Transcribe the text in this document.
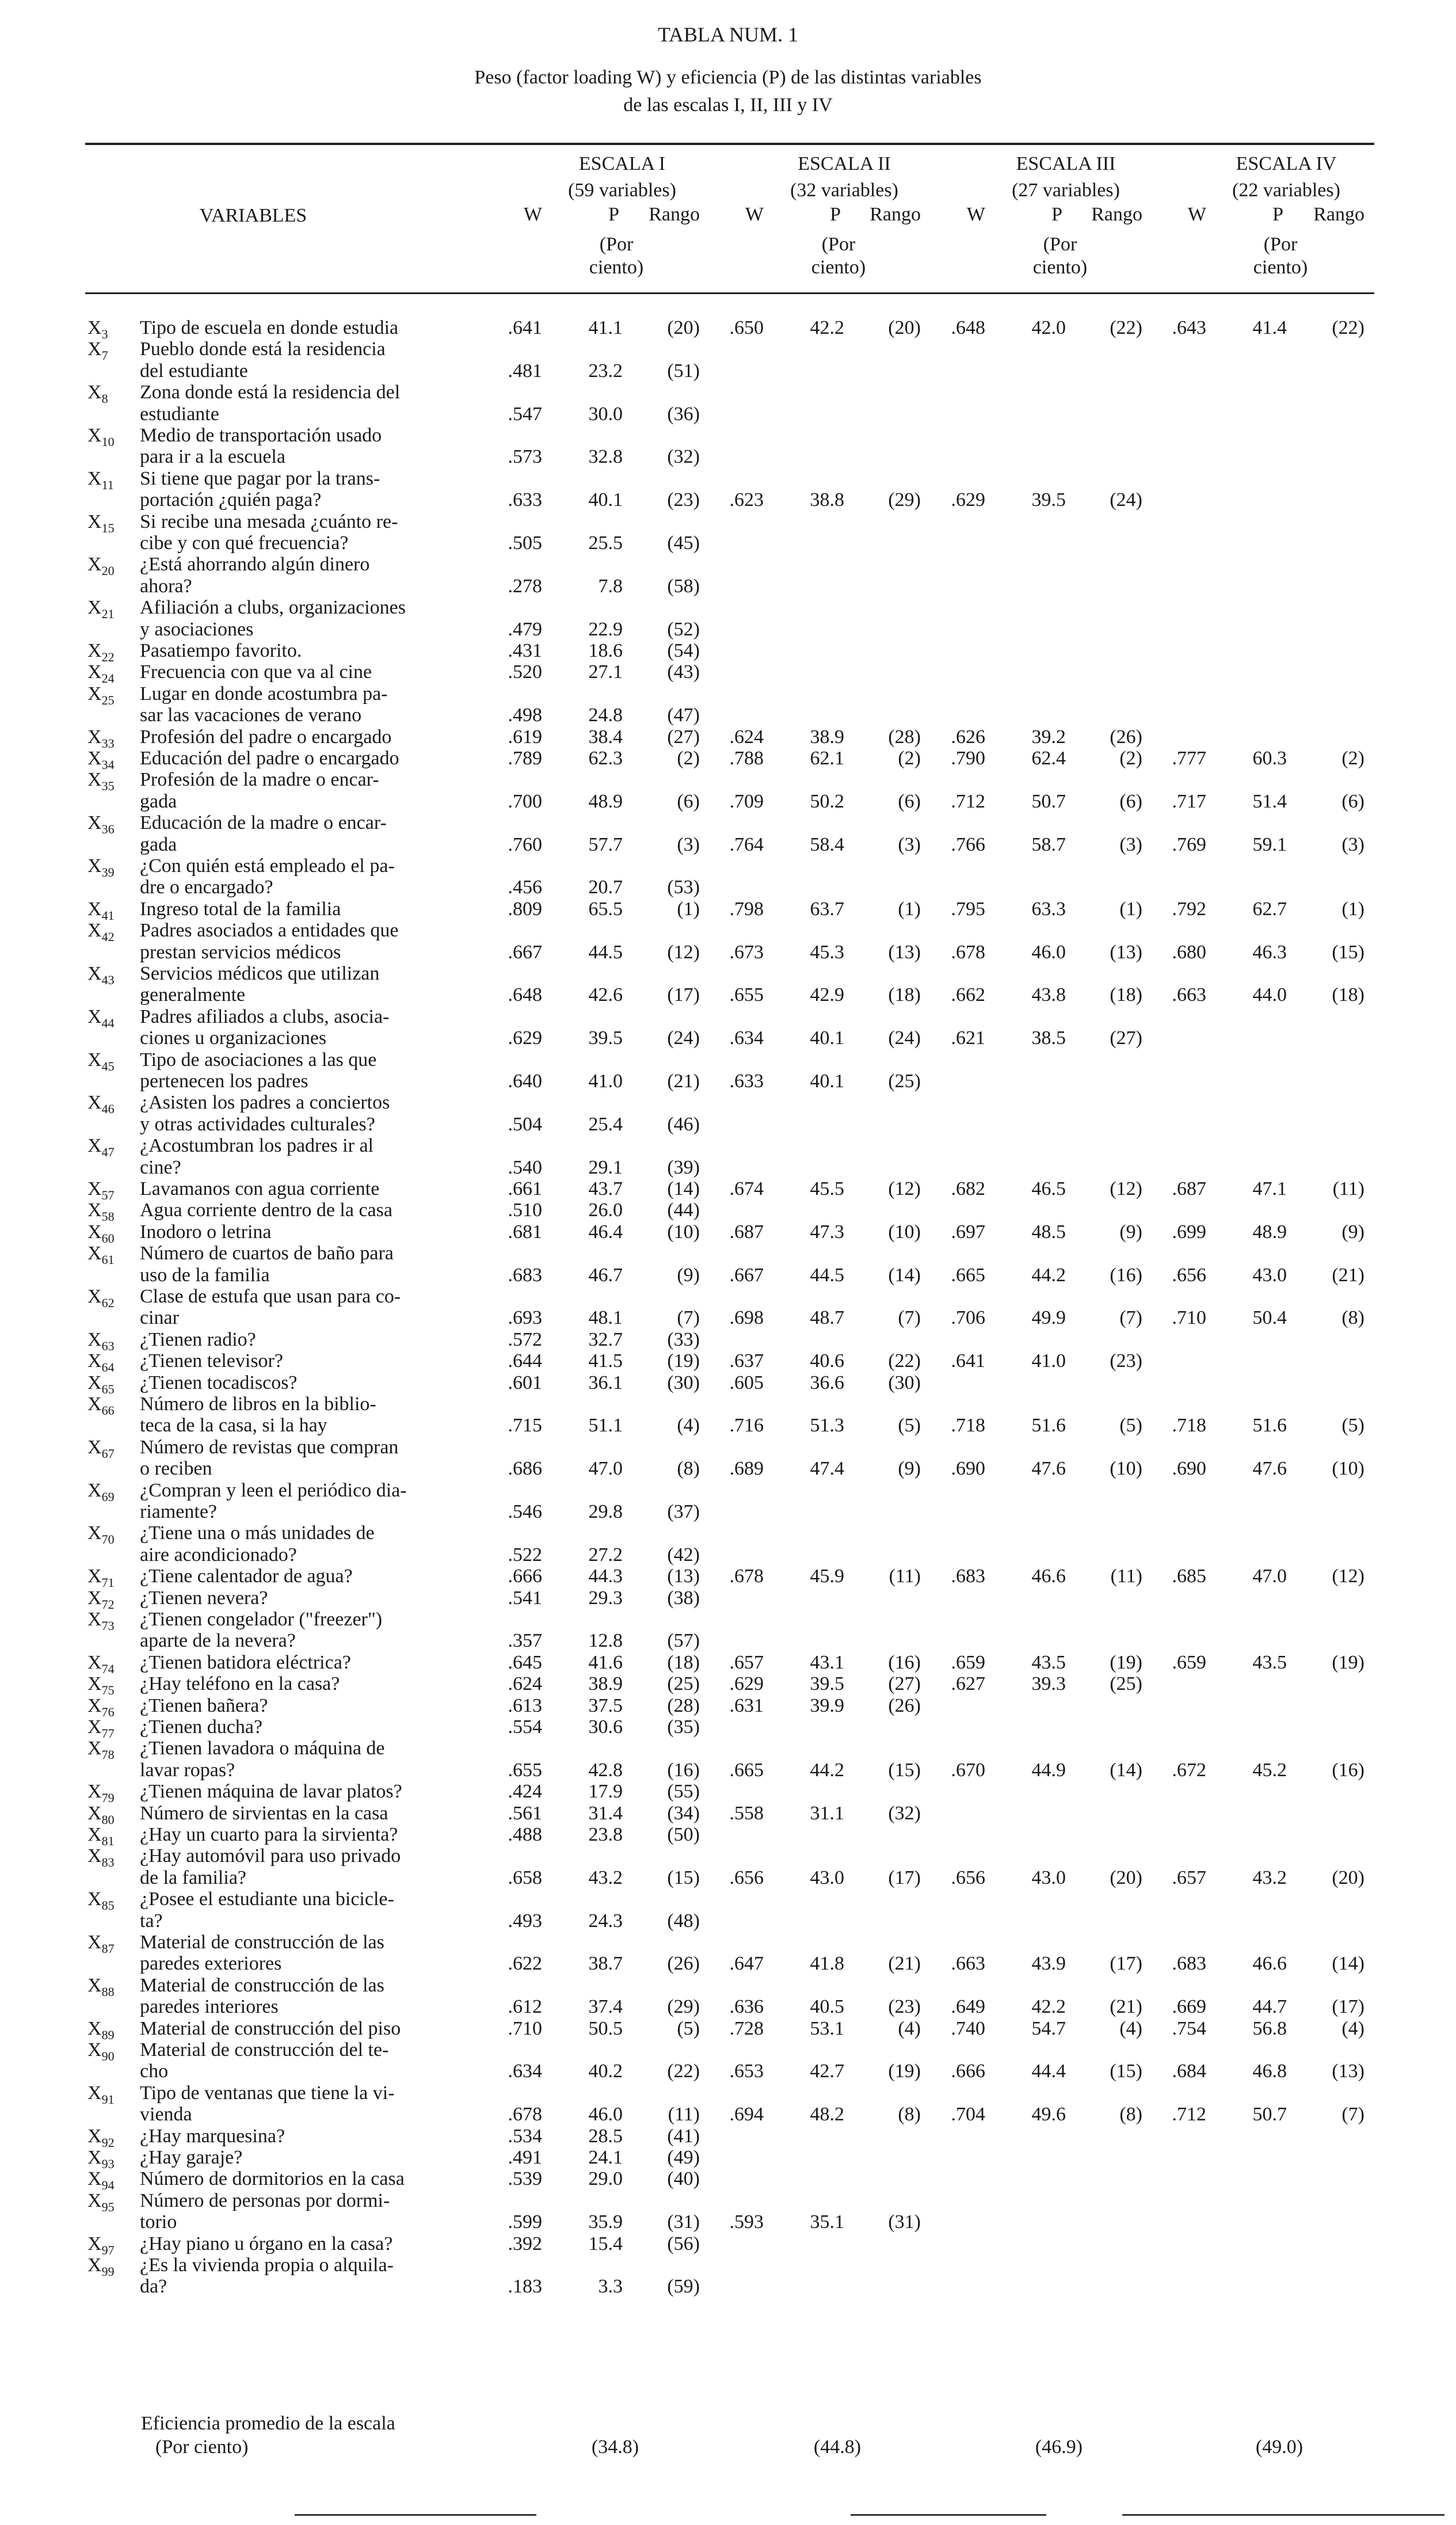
TABLA NUM. 1
Peso (factor loading W) y eficiencia (P) de las distintas variables
de las escalas I, II, III y IV
VARIABLES
ESCALA I
(59 variables)
W	P Rango
(Por
ciento)
ESCALA II
(32 variables)
W	P Rango
(Por
ciento)
ESCALA III
(27 variables)
W	P Rango
(Por
ciento)
ESCALA IV
(22 variables)
W	P Rango
(Por
ciento)
$X_3$ Tipo de escuela en donde estudia	.641 41.1 (20) .650 42.2 (20) .648 42.0 (22) .643 41.4 (22)
$X_7$ Pueblo donde está la residencia
del estudiante	.481 23.2 (51)
$X_8$ Zona donde está la residencia del
estudiante	.547 30.0 (36)
$X_{10}$ Medio de transportación usado
para ir a la escuela	.573 32.8 (32)
$X_{11}$ Si tiene que pagar por la trans-
portación ¿quién paga?	.633 40.1 (23) .623 38.8 (29) .629 39.5 (24)
$X_{15}$ Si recibe una mesada ¿cuánto re-
cibe y con qué frecuencia?	.505 25.5 (45)
$X_{20}$ ¿Está ahorrando algún dinero
ahora?	.278	7.8 (58)
$X_{21}$ Afiliación a clubs, organizaciones
y asociaciones	.479 22.9 (52)
$X_{22}$ Pasatiempo favorito.	.431 18.6 (54)
$X_{24}$ Frecuencia con que va al cine	.520 27.1 (43)
$X_{25}$ Lugar en donde acostumbra pa-
sar las vacaciones de verano	.498 24.8 (47)
$X_{33}$ Profesión del padre o encargado	.619 38.4 (27) .624 38.9 (28) .626 39.2 (26)
$X_{34}$ Educación del padre o encargado	.789 62.3	(2) .788 62.1	(2) .790 62.4	(2) .777 60.3	(2)
$X_{35}$ Profesión de la madre o encar-
gada	.700 48.9	(6) .709 50.2	(6) .712 50.7	(6) .717 51.4	(6)
$X_{36}$ Educación de la madre o encar-
gada	.760 57.7	(3) .764 58.4	(3) .766 58.7	(3) .769 59.1	(3)
$X_{39}$ ¿Con quién está empleado el pa-
dre o encargado?	.456 20.7 (53)
$X_{41}$ Ingreso total de la familia	.809 65.5	(1) .798 63.7	(1) .795 63.3	(1) .792 62.7	(1)
$X_{42}$ Padres asociados a entidades que
prestan servicios médicos	.667 44.5 (12) .673 45.3 (13) .678 46.0 (13) .680 46.3 (15)
$X_{43}$ Servicios médicos que utilizan
generalmente	.648 42.6 (17) .655 42.9 (18) .662 43.8 (18) .663 44.0 (18)
$X_{44}$ Padres afiliados a clubs, asocia-
ciones u organizaciones	.629 39.5 (24) .634 40.1 (24) .621 38.5 (27)
$X_{45}$ Tipo de asociaciones a las que
pertenecen los padres	.640 41.0 (21) .633 40.1 (25)
$X_{46}$ ¿Asisten los padres a conciertos
y otras actividades culturales?	.504 25.4 (46)
$X_{47}$ ¿Acostumbran los padres ir al
cine?	.540 29.1 (39)
$X_{57}$ Lavamanos con agua corriente	.661 43.7 (14) .674 45.5 (12) .682 46.5 (12) .687 47.1 (11)
$X_{58}$ Agua corriente dentro de la casa	.510 26.0 (44)
$X_{60}$ Inodoro o letrina	.681 46.4 (10) .687 47.3 (10) .697 48.5	(9) .699 48.9	(9)
$X_{61}$ Número de cuartos de baño para
uso de la familia	.683 46.7	(9) .667 44.5 (14) .665 44.2 (16) .656 43.0 (21)
$X_{62}$ Clase de estufa que usan para co-
cinar	.693 48.1	(7) .698 48.7	(7) .706 49.9	(7) .710 50.4	(8)
$X_{63}$ ¿Tienen radio?	.572 32.7 (33)
$X_{64}$ ¿Tienen televisor?	.644 41.5 (19) .637 40.6 (22) .641 41.0 (23)
$X_{65}$ ¿Tienen tocadiscos?	.601 36.1 (30) .605 36.6 (30)
$X_{66}$ Número de libros en la biblio-
teca de la casa, si la hay	.715 51.1	(4) .716 51.3	(5) .718 51.6	(5) .718 51.6	(5)
$X_{67}$ Número de revistas que compran
o reciben	.686 47.0	(8) .689 47.4	(9) .690 47.6 (10) .690 47.6 (10)
$X_{69}$ ¿Compran y leen el periódico dia-
riamente?	.546 29.8 (37)
$X_{70}$ ¿Tiene una o más unidades de
aire acondicionado?	.522 27.2 (42)
$X_{71}$ ¿Tiene calentador de agua?	.666 44.3 (13) .678 45.9 (11) .683 46.6 (11) .685 47.0 (12)
$X_{72}$ ¿Tienen nevera?	.541 29.3 (38)
$X_{73}$ ¿Tienen congelador ("freezer")
aparte de la nevera?	.357 12.8 (57)
$X_{74}$ ¿Tienen batidora eléctrica?	.645 41.6 (18) .657 43.1 (16) .659 43.5 (19) .659 43.5 (19)
$X_{75}$ ¿Hay teléfono en la casa?	.624 38.9 (25) .629 39.5 (27) .627 39.3 (25)
$X_{76}$ ¿Tienen bañera?	.613 37.5 (28) .631 39.9 (26)
$X_{77}$ ¿Tienen ducha?	.554 30.6 (35)
$X_{78}$ ¿Tienen lavadora o máquina de
lavar ropas?	.655 42.8 (16) .665 44.2 (15) .670 44.9 (14) .672 45.2 (16)
$X_{79}$ ¿Tienen máquina de lavar platos?	.424 17.9 (55)
$X_{80}$ Número de sirvientas en la casa	.561 31.4 (34) .558 31.1 (32)
$X_{81}$ ¿Hay un cuarto para la sirvienta?	.488 23.8 (50)
$X_{83}$ ¿Hay automóvil para uso privado
de la familia?	.658 43.2 (15) .656 43.0 (17) .656 43.0 (20) .657 43.2 (20)
$X_{85}$ ¿Posee el estudiante una bicicle-
ta?	.493 24.3 (48)
$X_{87}$ Material de construcción de las
paredes exteriores	.622 38.7 (26) .647 41.8 (21) .663 43.9 (17) .683 46.6 (14)
$X_{88}$ Material de construcción de las
paredes interiores	.612 37.4 (29) .636 40.5 (23) .649 42.2 (21) .669 44.7 (17)
$X_{89}$ Material de construcción del piso	.710 50.5	(5) .728 53.1	(4) .740 54.7	(4) .754 56.8	(4)
$X_{90}$ Material de construcción del te-
cho	.634 40.2 (22) .653 42.7 (19) .666 44.4 (15) .684 46.8 (13)
$X_{91}$ Tipo de ventanas que tiene la vi-
vienda	.678 46.0 (11) .694 48.2	(8) .704 49.6	(8) .712 50.7	(7)
$X_{92}$ ¿Hay marquesina?	.534 28.5 (41)
$X_{93}$ ¿Hay garaje?	.491 24.1 (49)
$X_{94}$ Número de dormitorios en la casa	.539 29.0 (40)
$X_{95}$ Número de personas por dormi-
torio	.599 35.9 (31) .593 35.1 (31)
$X_{97}$ ¿Hay piano u órgano en la casa?	.392 15.4 (56)
$X_{99}$ ¿Es la vivienda propia o alquila-
da?	.183	3.3 (59)
Eficiencia promedio de la escala
(Por ciento)	(34.8)	(44.8)	(46.9)	(49.0)
